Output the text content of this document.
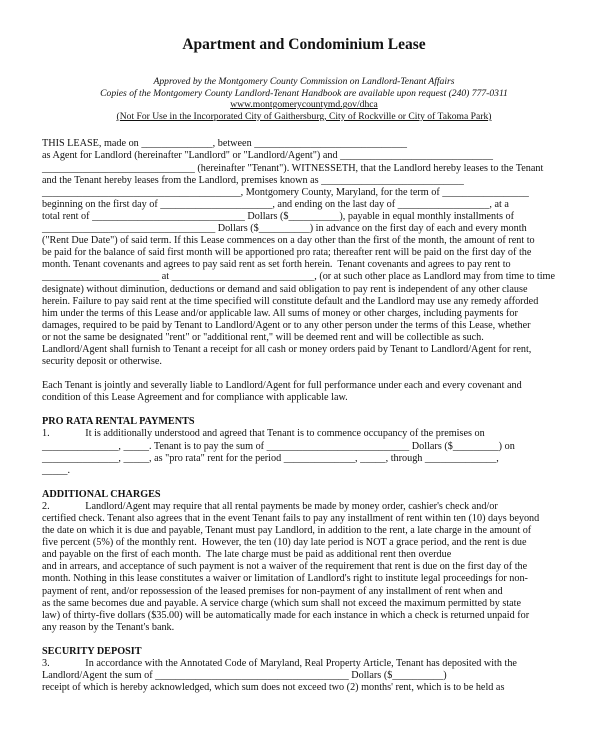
Apartment and Condominium Lease
Approved by the Montgomery County Commission on Landlord-Tenant Affairs
Copies of the Montgomery County Landlord-Tenant Handbook are available upon request (240) 777-0311
www.montgomerycountymd.gov/dhca
(Not For Use in the Incorporated City of Gaithersburg, City of Rockville or City of Takoma Park)
THIS LEASE, made on ______________, between ______________________________
as Agent for Landlord (hereinafter "Landlord" or "Landlord/Agent") and ______________________________
______________________________ (hereinafter "Tenant"). WITNESSETH, that the Landlord hereby leases to the Tenant
and the Tenant hereby leases from the Landlord, premises known as ____________________________
_______________________________________, Montgomery County, Maryland, for the term of _________________
beginning on the first day of ______________________, and ending on the last day of __________________, at a
total rent of ______________________________ Dollars ($__________), payable in equal monthly installments of
__________________________________ Dollars ($__________) in advance on the first day of each and every month
("Rent Due Date") of said term. If this Lease commences on a day other than the first of the month, the amount of rent to
be paid for the balance of said first month will be apportioned pro rata; thereafter rent will be paid on the first day of the
month. Tenant covenants and agrees to pay said rent as set forth herein.  Tenant covenants and agrees to pay rent to
_______________________ at ____________________________, (or at such other place as Landlord may from time to time
designate) without diminution, deductions or demand and said obligation to pay rent is independent of any other clause
herein. Failure to pay said rent at the time specified will constitute default and the Landlord may use any remedy afforded
him under the terms of this Lease and/or applicable law. All sums of money or other charges, including payments for
damages, required to be paid by Tenant to Landlord/Agent or to any other person under the terms of this Lease, whether
or not the same be designated "rent" or "additional rent," will be deemed rent and will be collectible as such.
Landlord/Agent shall furnish to Tenant a receipt for all cash or money orders paid by Tenant to Landlord/Agent for rent,
security deposit or otherwise.
Each Tenant is jointly and severally liable to Landlord/Agent for full performance under each and every covenant and
condition of this Lease Agreement and for compliance with applicable law.
PRO RATA RENTAL PAYMENTS
1.              It is additionally understood and agreed that Tenant is to commence occupancy of the premises on
_______________, _____. Tenant is to pay the sum of ____________________________ Dollars ($_________) on
_______________, _____, as "pro rata" rent for the period ______________, _____, through ______________,
_____.
ADDITIONAL CHARGES
2.              Landlord/Agent may require that all rental payments be made by money order, cashier's check and/or
certified check. Tenant also agrees that in the event Tenant fails to pay any installment of rent within ten (10) days beyond
the date on which it is due and payable, Tenant must pay Landlord, in addition to the rent, a late charge in the amount of
five percent (5%) of the monthly rent.  However, the ten (10) day late period is NOT a grace period, and the rent is due
and payable on the first of each month.  The late charge must be paid as additional rent then overdue
and in arrears, and acceptance of such payment is not a waiver of the requirement that rent is due on the first day of the
month. Nothing in this lease constitutes a waiver or limitation of Landlord's right to institute legal proceedings for non-
payment of rent, and/or repossession of the leased premises for non-payment of any installment of rent when and
as the same becomes due and payable. A service charge (which sum shall not exceed the maximum permitted by state
law) of thirty-five dollars ($35.00) will be automatically made for each instance in which a check is returned unpaid for
any reason by the Tenant's bank.
SECURITY DEPOSIT
3.              In accordance with the Annotated Code of Maryland, Real Property Article, Tenant has deposited with the
Landlord/Agent the sum of ______________________________________ Dollars ($__________)
receipt of which is hereby acknowledged, which sum does not exceed two (2) months' rent, which is to be held as
